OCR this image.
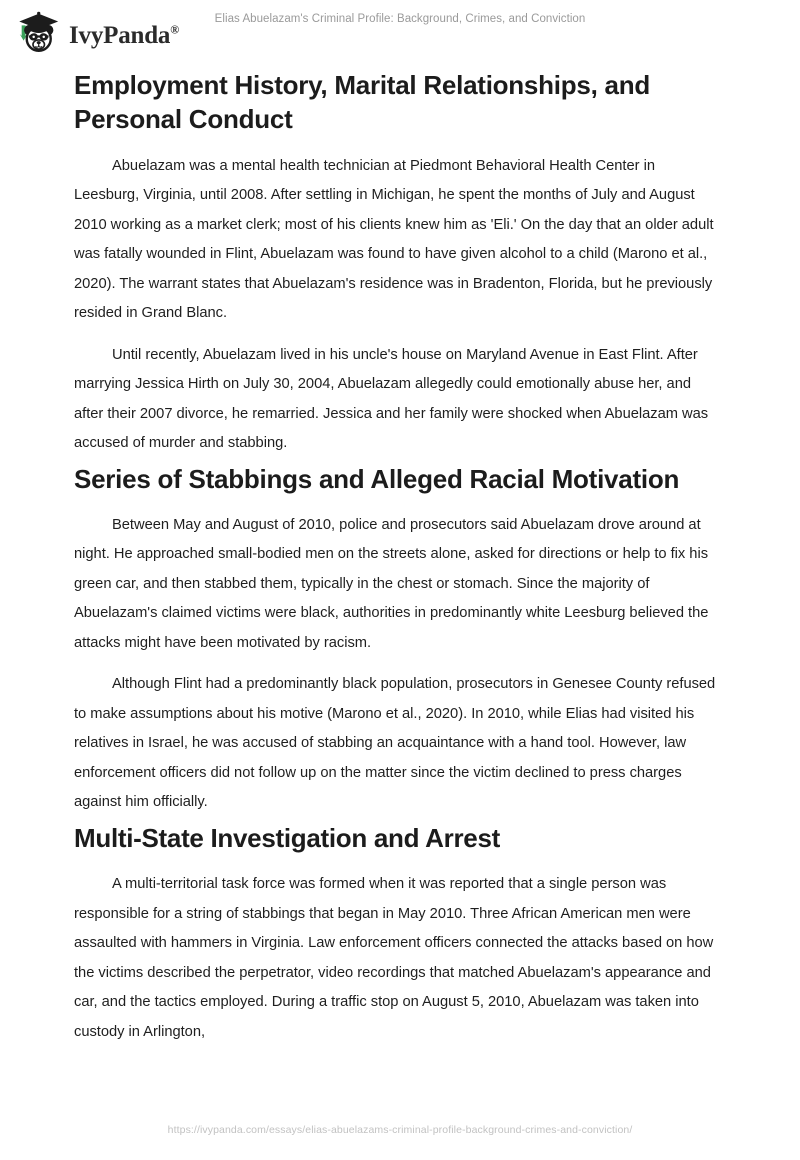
IvyPanda®
Elias Abuelazam's Criminal Profile: Background, Crimes, and Conviction
Employment History, Marital Relationships, and Personal Conduct

Abuelazam was a mental health technician at Piedmont Behavioral Health Center in Leesburg, Virginia, until 2008. After settling in Michigan, he spent the months of July and August 2010 working as a market clerk; most of his clients knew him as 'Eli.' On the day that an older adult was fatally wounded in Flint, Abuelazam was found to have given alcohol to a child (Marono et al., 2020). The warrant states that Abuelazam's residence was in Bradenton, Florida, but he previously resided in Grand Blanc.

Until recently, Abuelazam lived in his uncle's house on Maryland Avenue in East Flint. After marrying Jessica Hirth on July 30, 2004, Abuelazam allegedly could emotionally abuse her, and after their 2007 divorce, he remarried. Jessica and her family were shocked when Abuelazam was accused of murder and stabbing.

Series of Stabbings and Alleged Racial Motivation

Between May and August of 2010, police and prosecutors said Abuelazam drove around at night. He approached small-bodied men on the streets alone, asked for directions or help to fix his green car, and then stabbed them, typically in the chest or stomach. Since the majority of Abuelazam's claimed victims were black, authorities in predominantly white Leesburg believed the attacks might have been motivated by racism.

Although Flint had a predominantly black population, prosecutors in Genesee County refused to make assumptions about his motive (Marono et al., 2020). In 2010, while Elias had visited his relatives in Israel, he was accused of stabbing an acquaintance with a hand tool. However, law enforcement officers did not follow up on the matter since the victim declined to press charges against him officially.

Multi-State Investigation and Arrest

A multi-territorial task force was formed when it was reported that a single person was responsible for a string of stabbings that began in May 2010. Three African American men were assaulted with hammers in Virginia. Law enforcement officers connected the attacks based on how the victims described the perpetrator, video recordings that matched Abuelazam's appearance and car, and the tactics employed. During a traffic stop on August 5, 2010, Abuelazam was taken into custody in Arlington,

https://ivypanda.com/essays/elias-abuelazams-criminal-profile-background-crimes-and-conviction/
